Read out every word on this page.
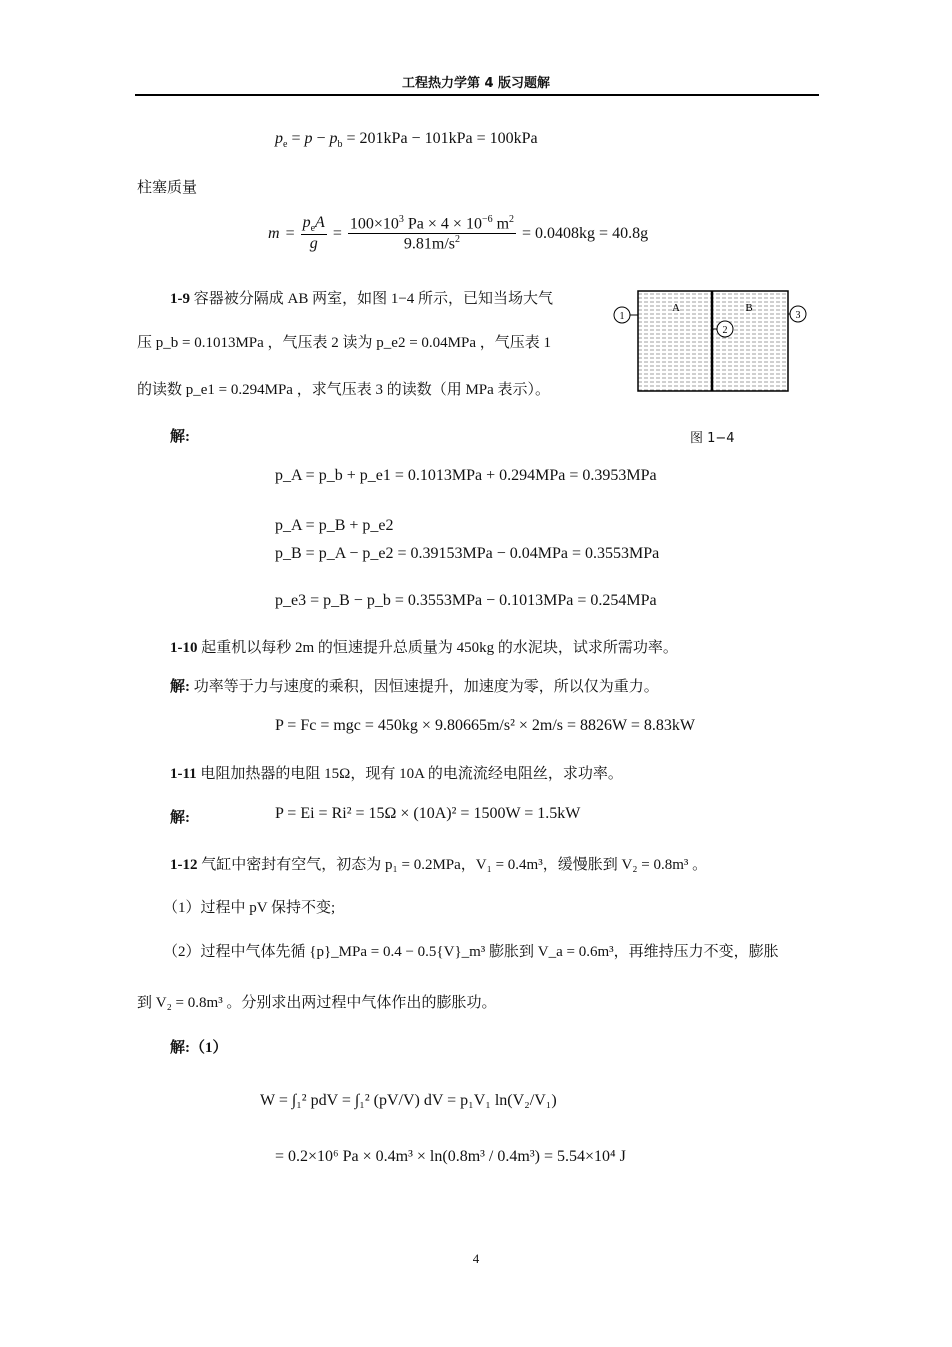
工程热力学第 4 版习题解
$p_e = p - p_b = 201kPa - 101kPa = 100kPa$
柱塞质量
m =
$p_eA$
g
=
$100\times 10^3$ $Pa \times 4 \times 10^{-6}$ $m^2$
$9.81m/s^2$	= 0.0408kg = 40.8g
1-9 容器被分隔成 AB 两室，如图 1−4 所示，已知当场大气
压 p_b = 0.1013MPa ，气压表 2 读为 p_e2 = 0.04MPa ，气压表 1
的读数 p_e1 = 0.294MPa ，求气压表 3 的读数（用 MPa 表示）。
A	B
1
2
3
解:	图 1−4
p_A = p_b + p_e1 = 0.1013MPa + 0.294MPa = 0.3953MPa
p_A = p_B + p_e2
p_B = p_A − p_e2 = 0.39153MPa − 0.04MPa = 0.3553MPa
p_e3 = p_B − p_b = 0.3553MPa − 0.1013MPa = 0.254MPa
1-10 起重机以每秒 2m 的恒速提升总质量为 450kg 的水泥块，试求所需功率。
解: 功率等于力与速度的乘积，因恒速提升，加速度为零，所以仅为重力。
P = Fc = mgc = 450kg × 9.80665m/s² × 2m/s = 8826W = 8.83kW
1-11 电阻加热器的电阻 15Ω，现有 10A 的电流流经电阻丝，求功率。
解:	P = Ei = Ri² = 15Ω × (10A)² = 1500W = 1.5kW
1-12 气缸中密封有空气，初态为 p₁ = 0.2MPa，V₁ = 0.4m³，缓慢胀到 V₂ = 0.8m³ 。
（1）过程中 pV 保持不变;
（2）过程中气体先循 {p}_MPa = 0.4 − 0.5{V}_m³ 膨胀到 V_a = 0.6m³，再维持压力不变，膨胀
到 V₂ = 0.8m³ 。分别求出两过程中气体作出的膨胀功。
解:（1）
W = ∫₁² pdV = ∫₁² (pV/V) dV = p₁V₁ ln(V₂/V₁)
= 0.2×10⁶ Pa × 0.4m³ × ln(0.8m³ / 0.4m³) = 5.54×10⁴ J
4
